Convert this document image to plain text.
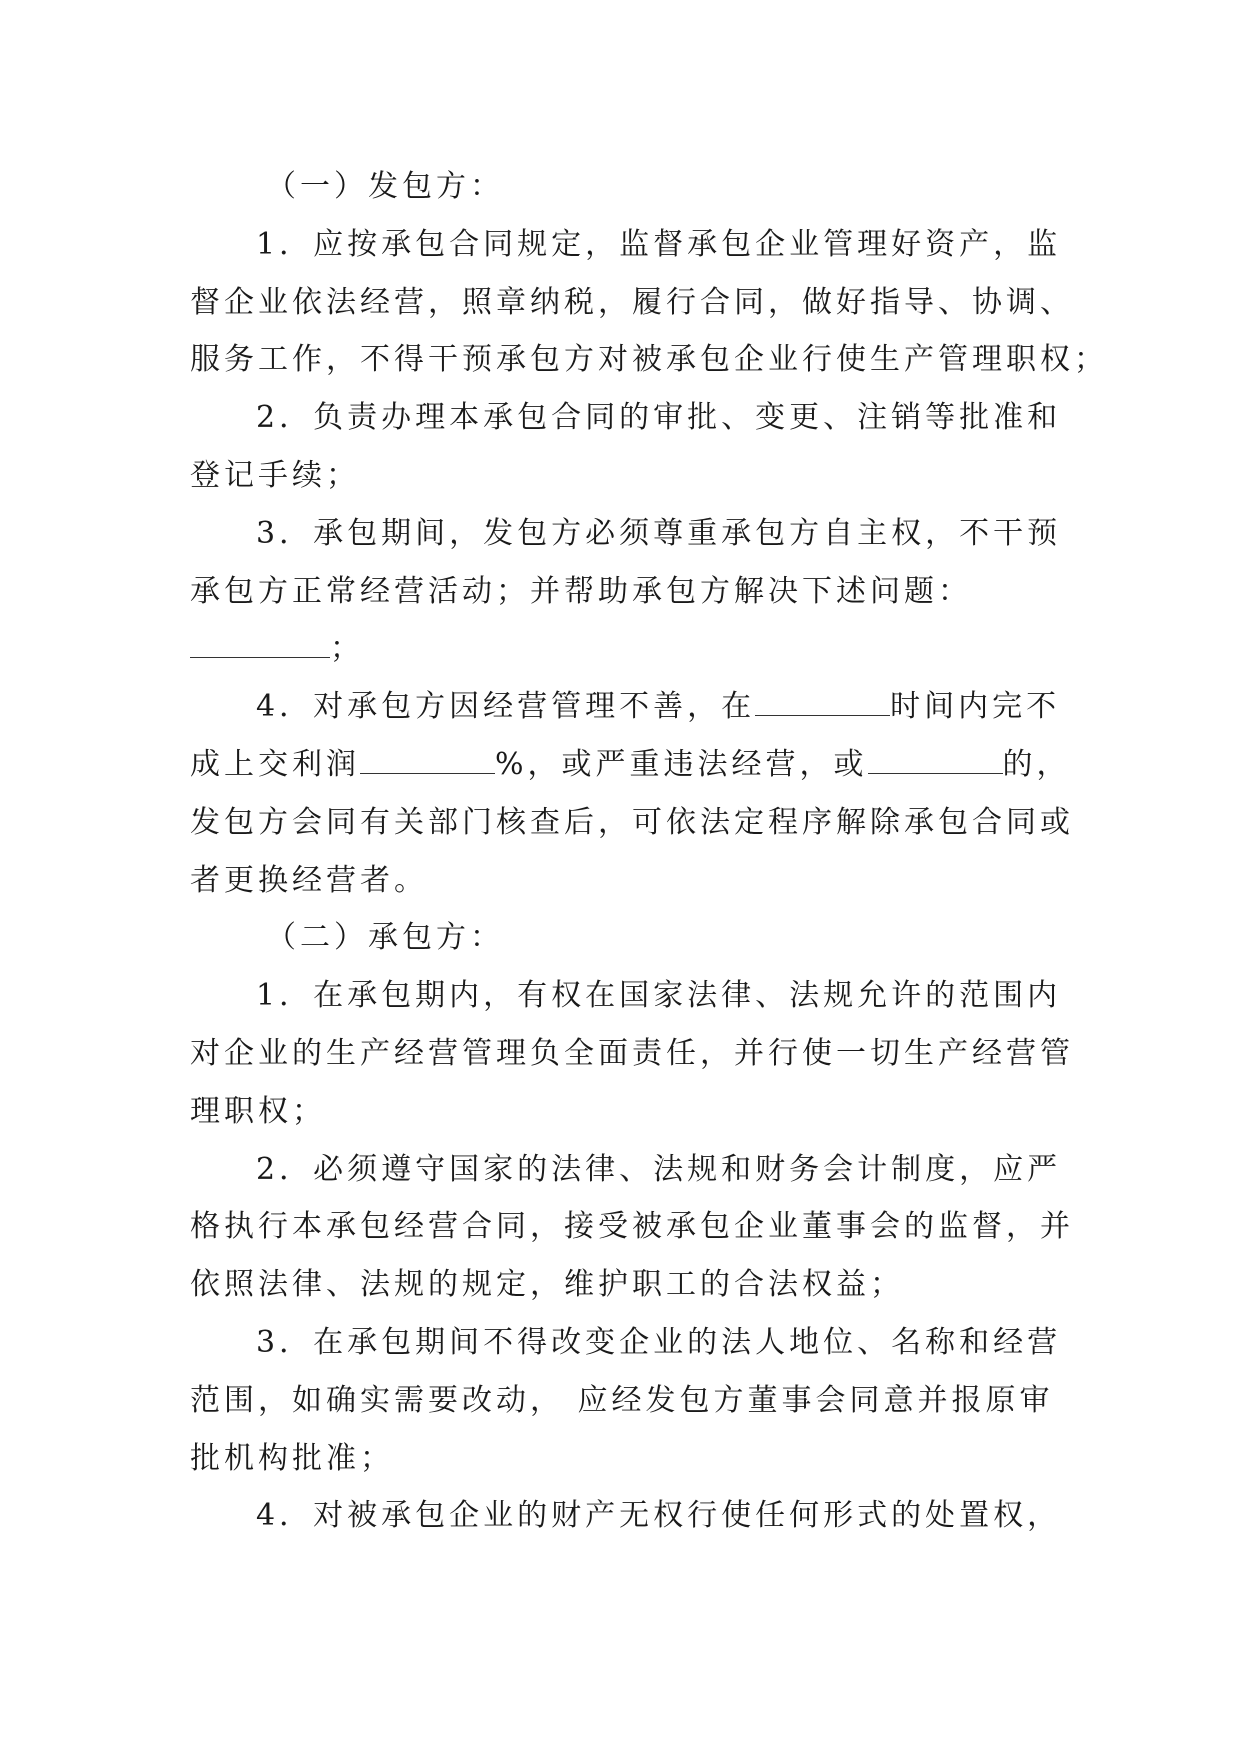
（一）发包方：
1．应按承包合同规定，监督承包企业管理好资产，监
督企业依法经营，照章纳税，履行合同，做好指导、协调、
服务工作，不得干预承包方对被承包企业行使生产管理职权；
2．负责办理本承包合同的审批、变更、注销等批准和
登记手续；
3．承包期间，发包方必须尊重承包方自主权，不干预
承包方正常经营活动；并帮助承包方解决下述问题：
；
4．对承包方因经营管理不善，在	时间内完不
成上交利润	%，或严重违法经营，或	的，
发包方会同有关部门核查后，可依法定程序解除承包合同或
者更换经营者。
（二）承包方：
1．在承包期内，有权在国家法律、法规允许的范围内
对企业的生产经营管理负全面责任，并行使一切生产经营管
理职权；
2．必须遵守国家的法律、法规和财务会计制度，应严
格执行本承包经营合同，接受被承包企业董事会的监督，并
依照法律、法规的规定，维护职工的合法权益；
3．在承包期间不得改变企业的法人地位、名称和经营
范围，如确实需要改动， 应经发包方董事会同意并报原审
批机构批准；
4．对被承包企业的财产无权行使任何形式的处置权，
